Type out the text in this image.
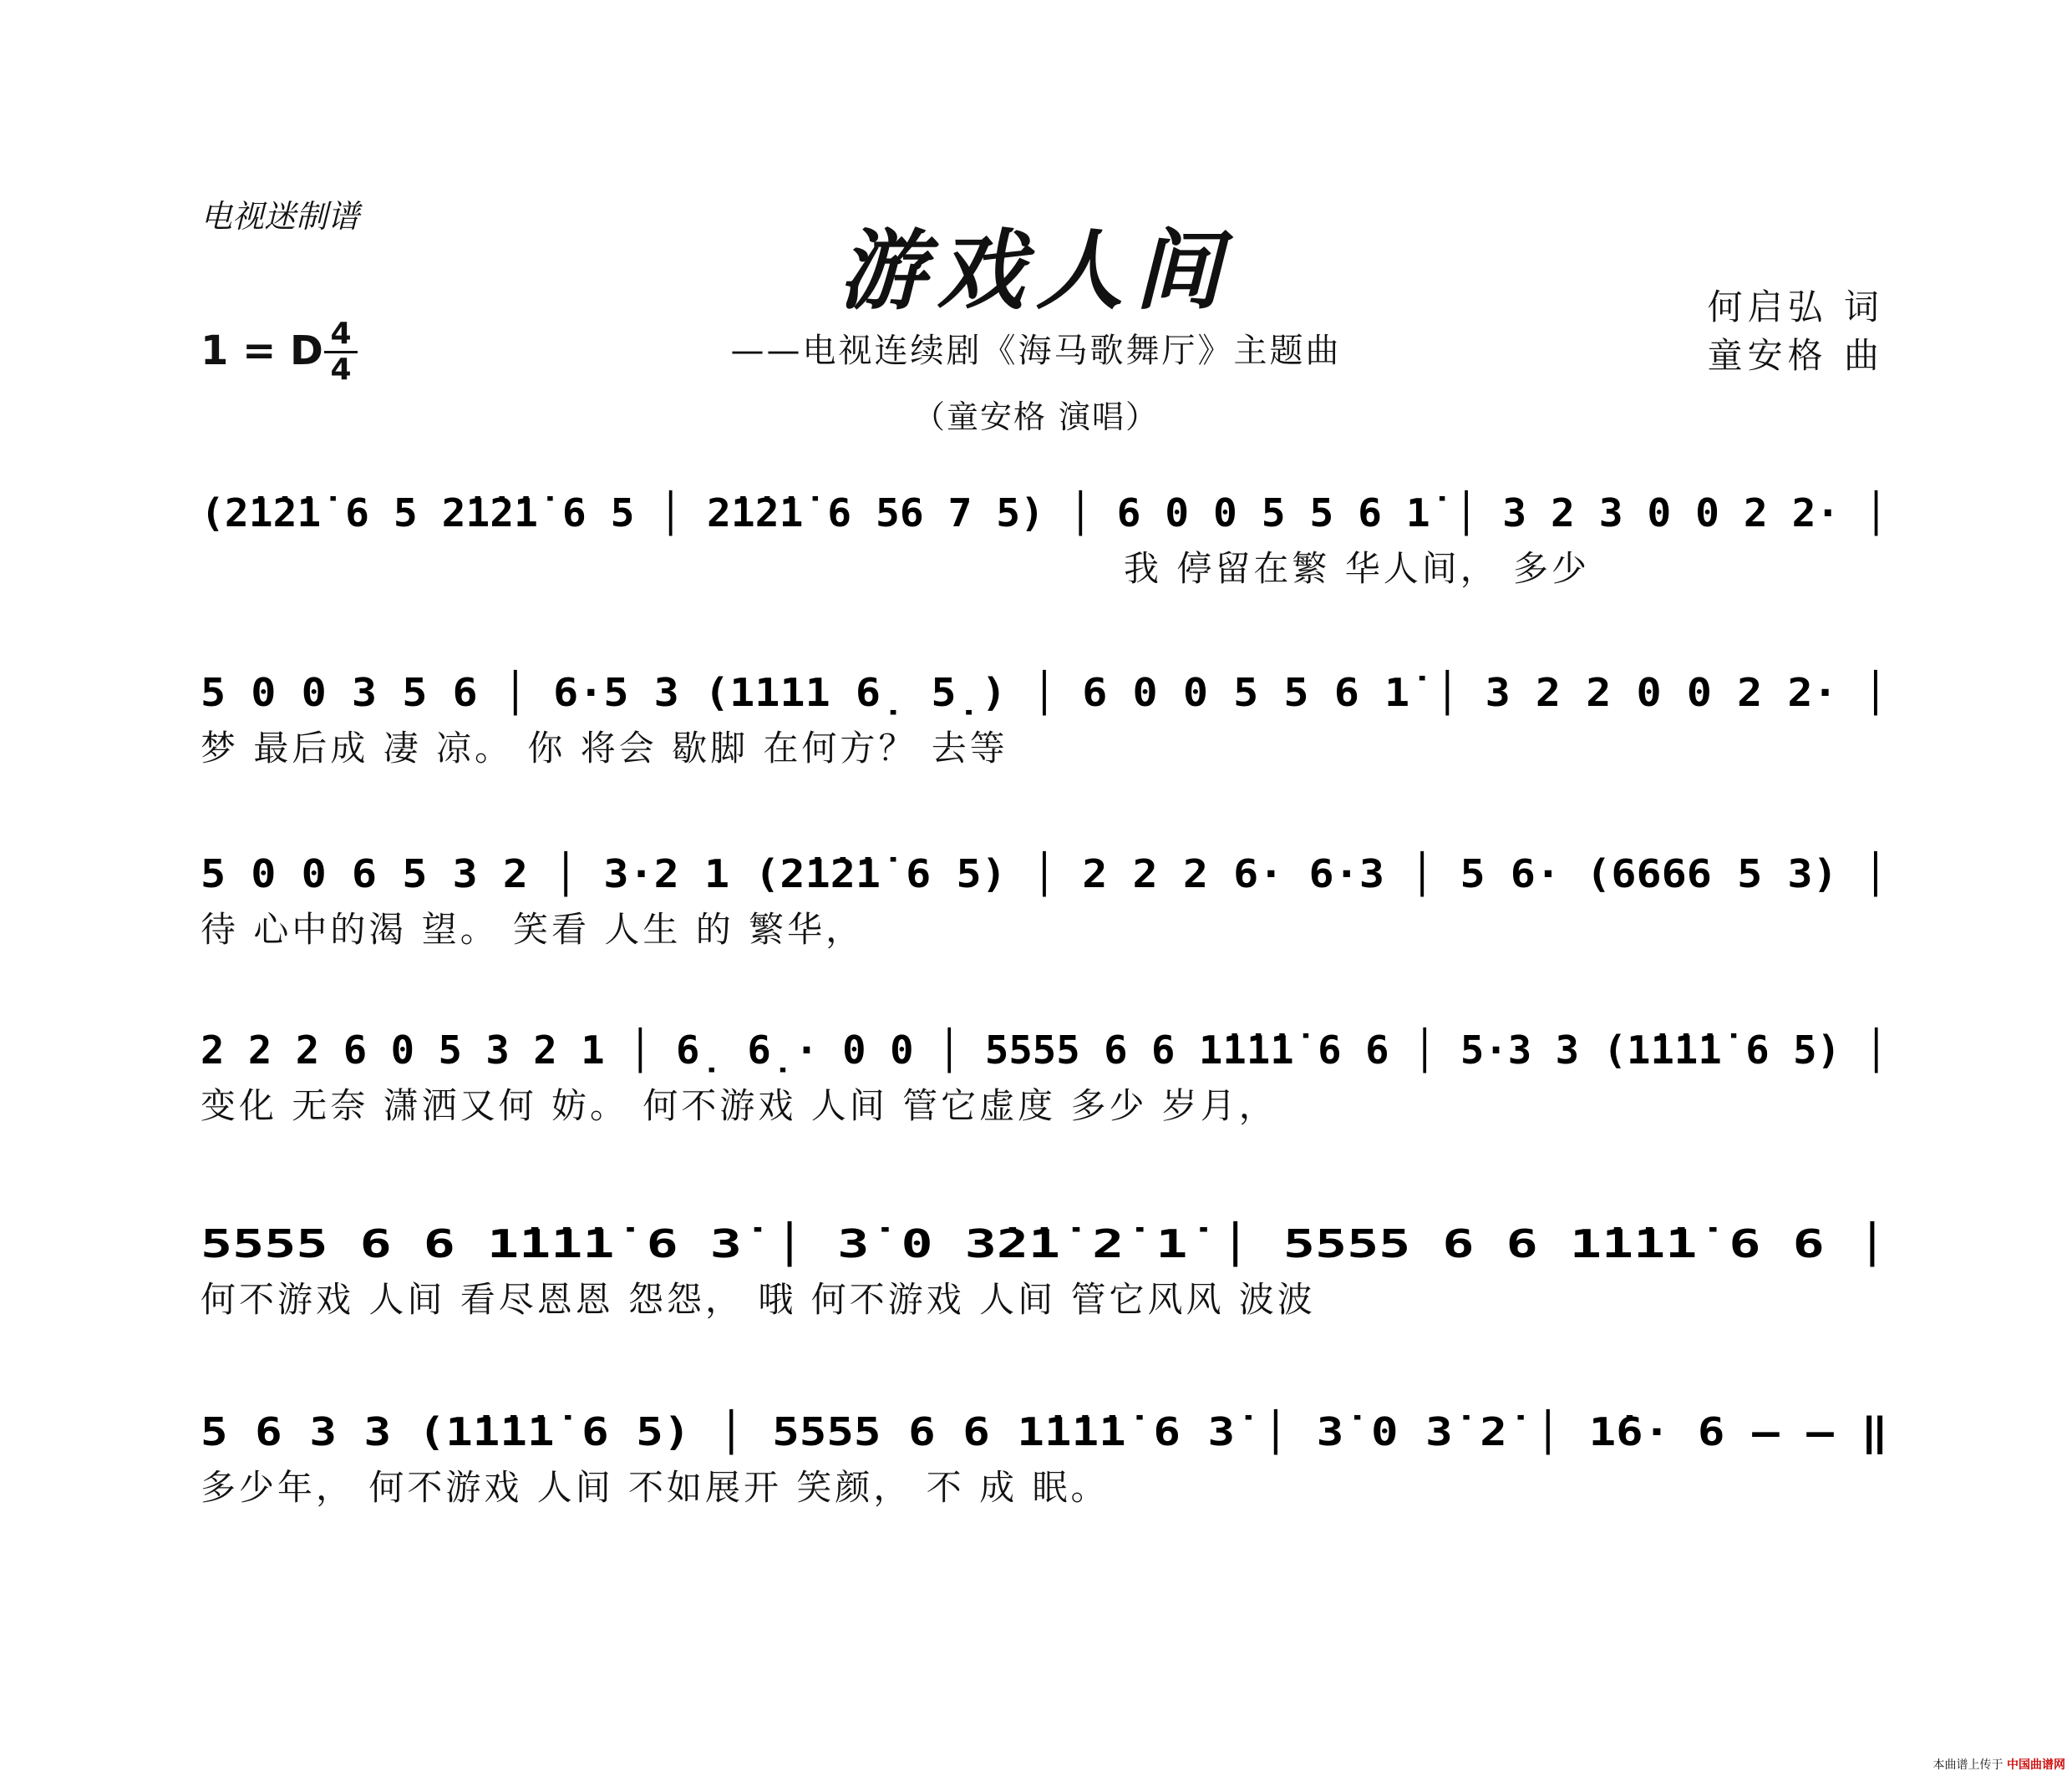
电视迷制谱
游戏人间
——电视连续剧《海马歌舞厅》主题曲
（童安格 演唱）
何启弘 词
童安格 曲
1 = D 4
4
(2̇1̇2̇1̇ 6 5 2̇1̇2̇1̇ 6 5 │ 2̇1̇2̇1̇ 6 56 7 5) │ 6 0 0 5 5 6 1̇ │ 3 2 3 0 0 2 2· │
我 停留在繁 华人间， 多少
5 0 0 3 5 6 │ 6·5 3 (1111 6̣ 5̣) │ 6 0 0 5 5 6 1̇ │ 3 2 2 0 0 2 2· │
梦 最后成 凄 凉。 你 将会 歇脚 在何方？ 去等
5 0 0 6 5 3 2 │ 3·2 1 (2̇1̇2̇1̇ 6 5) │ 2 2 2 6· 6·3 │ 5 6· (6666 5 3) │
待 心中的渴 望。 笑看 人生 的 繁华，
2 2 2 6 0 5 3 2 1 │ 6̣ 6̣· 0 0 │ 5555 6 6 1̇1̇1̇1̇ 6 6 │ 5·3 3 (1̇1̇1̇1̇ 6 5) │
变化 无奈 潇洒又何 妨。 何不游戏 人间 管它虚度 多少 岁月，
5555 6 6 1̇1̇1̇1̇ 6 3̇ │ 3̇ 0 3̇2̇1̇ 2̇ 1̇ │ 5555 6 6 1̇1̇1̇1̇ 6 6 │
何不游戏 人间 看尽恩恩 怨怨， 哦 何不游戏 人间 管它风风 波波
5 6 3 3 (1̇1̇1̇1̇ 6 5) │ 5555 6 6 1̇1̇1̇1̇ 6 3̇ │ 3̇ 0 3̇ 2̇ │ 1̇6· 6 – – ‖
多少年， 何不游戏 人间 不如展开 笑颜， 不 成 眠。
本曲谱上传于 中国曲谱网
